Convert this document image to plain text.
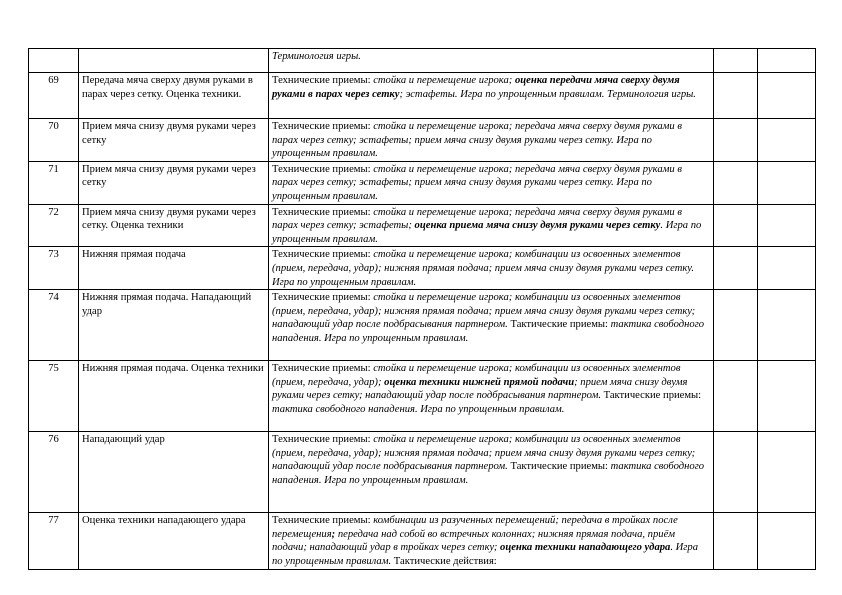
		Терминология игры.		
69	Передача мяча сверху двумя руками в парах через сетку. Оценка техники.	Технические приемы: стойка и перемещение игрока; оценка передачи мяча сверху двумя руками в парах через сетку; эстафеты. Игра по упрощенным правилам. Терминология игры.		
70	Прием мяча снизу двумя руками через сетку	Технические приемы: стойка и перемещение игрока; передача мяча сверху двумя руками в парах через сетку; эстафеты; прием мяча снизу двумя руками через сетку. Игра по упрощенным правилам.		
71	Прием мяча снизу двумя руками через сетку	Технические приемы: стойка и перемещение игрока; передача мяча сверху двумя руками в парах через сетку; эстафеты; прием мяча снизу двумя руками через сетку. Игра по упрощенным правилам.		
72	Прием мяча снизу двумя руками через сетку. Оценка техники	Технические приемы: стойка и перемещение игрока; передача мяча сверху двумя руками в парах через сетку; эстафеты; оценка приема мяча снизу двумя руками через сетку. Игра по упрощенным правилам.		
73	Нижняя прямая подача	Технические приемы: стойка и перемещение игрока; комбинации из освоенных элементов (прием, передача, удар); нижняя прямая подача; прием мяча снизу двумя руками через сетку. Игра по упрощенным правилам.		
74	Нижняя прямая подача. Нападающий удар	Технические приемы: стойка и перемещение игрока; комбинации из освоенных элементов (прием, передача, удар); нижняя прямая подача; прием мяча снизу двумя руками через сетку; нападающий удар после подбрасывания партнером. Тактические приемы: тактика свободного нападения. Игра по упрощенным правилам.		
75	Нижняя прямая подача. Оценка техники	Технические приемы: стойка и перемещение игрока; комбинации из освоенных элементов (прием, передача, удар); оценка техники нижней прямой подачи; прием мяча снизу двумя руками через сетку; нападающий удар после подбрасывания партнером. Тактические приемы: тактика свободного нападения. Игра по упрощенным правилам.		
76	Нападающий удар	Технические приемы: стойка и перемещение игрока; комбинации из освоенных элементов (прием, передача, удар); нижняя прямая подача; прием мяча снизу двумя руками через сетку; нападающий удар после подбрасывания партнером. Тактические приемы: тактика свободного нападения. Игра по упрощенным правилам.		
77	Оценка техники нападающего удара	Технические приемы: комбинации из разученных перемещений; передача в тройках после перемещения; передача над собой во встречных колоннах; нижняя прямая подача, приём подачи; нападающий удар в тройках через сетку; оценка техники нападающего удара. Игра по упрощенным правилам. Тактические действия:		
